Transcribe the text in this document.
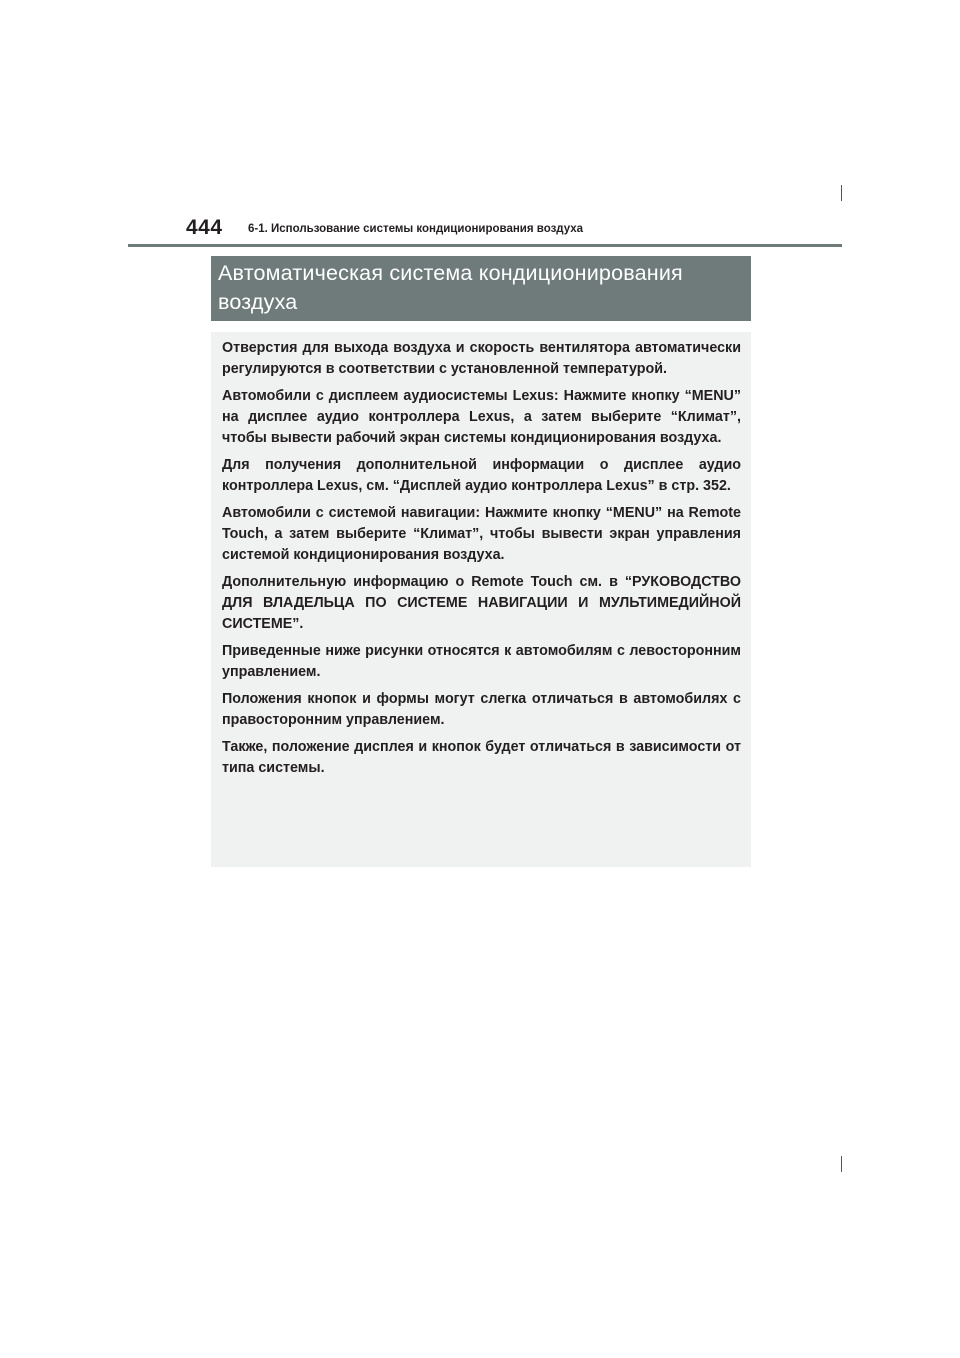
444 6-1. Использование системы кондиционирования воздуха
Автоматическая система кондиционирования воздуха

Отверстия для выхода воздуха и скорость вентилятора автоматически регулируются в соответствии с установленной температурой.

Автомобили с дисплеем аудиосистемы Lexus: Нажмите кнопку “MENU” на дисплее аудио контроллера Lexus, а затем выберите “Климат”, чтобы вывести рабочий экран системы кондиционирования воздуха.

Для получения дополнительной информации о дисплее аудио контроллера Lexus, см. “Дисплей аудио контроллера Lexus” в стр. 352.

Автомобили с системой навигации: Нажмите кнопку “MENU” на Remote Touch, а затем выберите “Климат”, чтобы вывести экран управления системой кондиционирования воздуха.

Дополнительную информацию о Remote Touch см. в “РУКОВОДСТВО ДЛЯ ВЛАДЕЛЬЦА ПО СИСТЕМЕ НАВИГАЦИИ И МУЛЬТИМЕДИЙНОЙ СИСТЕМЕ”.

Приведенные ниже рисунки относятся к автомобилям с левосторонним управлением.

Положения кнопок и формы могут слегка отличаться в автомобилях с правосторонним управлением.

Также, положение дисплея и кнопок будет отличаться в зависимости от типа системы.
